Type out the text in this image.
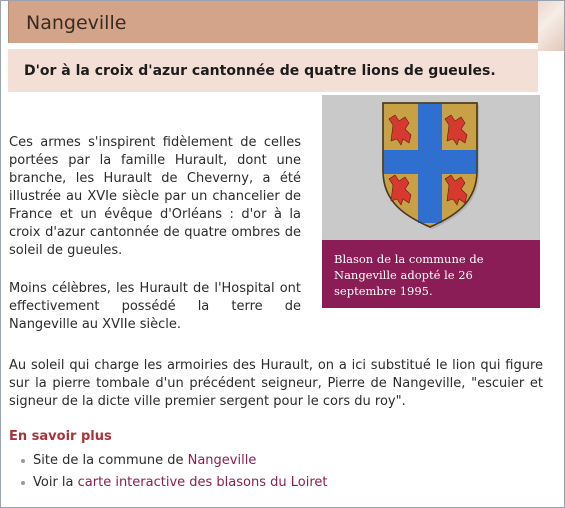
Nangeville
D'or à la croix d'azur cantonnée de quatre lions de gueules.

Ces armes s'inspirent fidèlement de celles portées par la famille Hurault, dont une branche, les Hurault de Cheverny, a été illustrée au XVIe siècle par un chancelier de France et un évêque d'Orléans : d'or à la croix d'azur cantonnée de quatre ombres de soleil de gueules.

Moins célèbres, les Hurault de l'Hospital ont effectivement possédé la terre de Nangeville au XVIIe siècle.

Au soleil qui charge les armoiries des Hurault, on a ici substitué le lion qui figure sur la pierre tombale d'un précédent seigneur, Pierre de Nangeville, "escuier et signeur de la dicte ville premier sergent pour le cors du roy".

Blason de la commune de Nangeville adopté le 26 septembre 1995.
En savoir plus
Site de la commune de Nangeville
Voir la carte interactive des blasons du Loiret
